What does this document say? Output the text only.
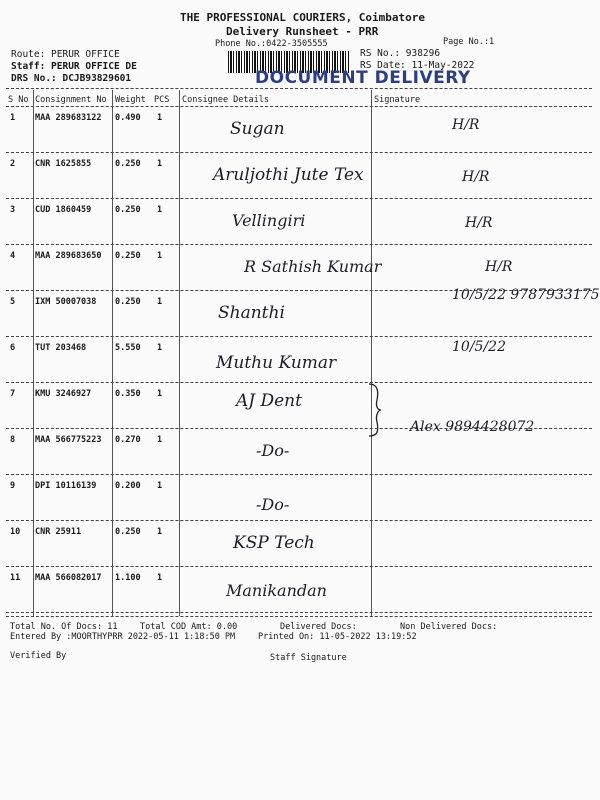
THE PROFESSIONAL COURIERS, Coimbatore
Delivery Runsheet - PRR
Phone No.:0422-3505555	Page No.:1
Route: PERUR OFFICE
Staff: PERUR OFFICE DE
DRS No.: DCJB93829601
RS No.: 938296
RS Date: 11-May-2022
DOCUMENT DELIVERY
S No Consignment No Weight PCS Consignee Details	Signature
1 MAA 289683122 0.490 1
Sugan	H/R
2 CNR 1625855	0.250 1
Arulјothi Jute Tex	H/R
3 CUD 1860459	0.250 1
Vellingiri	H/R
4 MAA 289683650 0.250 1
R Sathish Kumar	H/R
5 IXM 50007038 0.250 1
Shanthi
10/5/22 9787933175
6 TUT 203468	5.550 1
Muthu Kumar
10/5/22
7 KMU 3246927	0.350 1	AJ Dent
8 MAA 566775223 0.270 1
-Do-
Alex 9894428072
9 DPI 10116139 0.200 1
-Do-
10 CNR 25911	0.250 1
KSP Tech
11 MAA 566082017 1.100 1
Manikandan
Total No. Of Docs: 11	Total COD Amt: 0.00	Delivered Docs:	Non Delivered Docs:
Entered By :MOORTHYPRR 2022-05-11 1:18:50 PM	Printed On: 11-05-2022 13:19:52
Verified By	Staff Signature
